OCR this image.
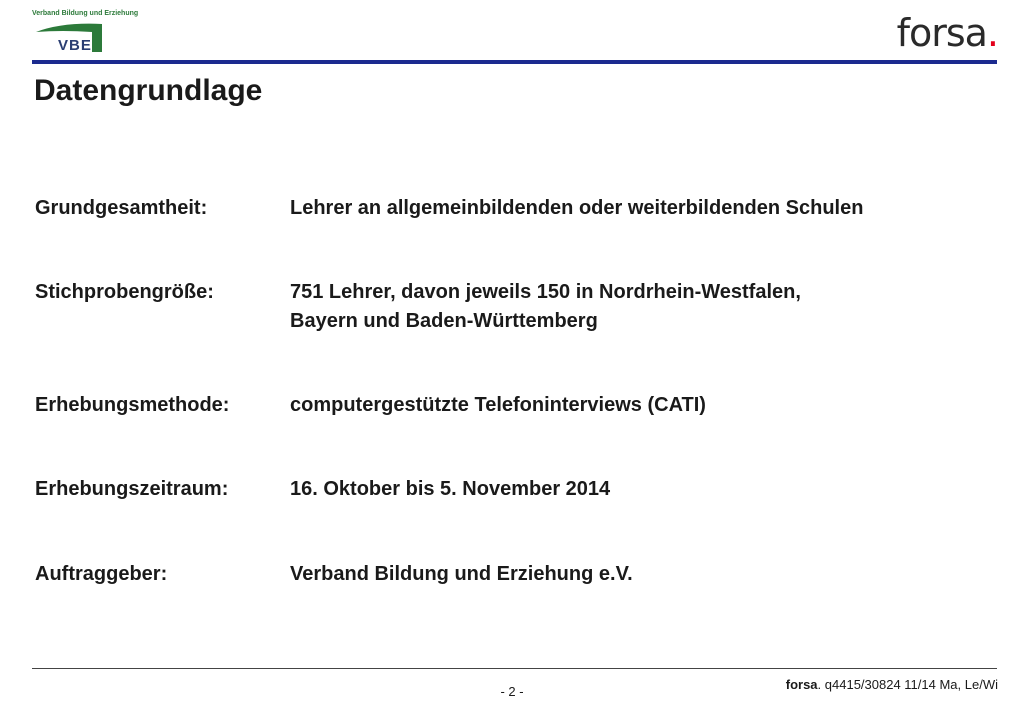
Verband Bildung und Erziehung
VBE	forsa.
Datengrundlage
Grundgesamtheit:	Lehrer an allgemeinbildenden oder weiterbildenden Schulen
Stichprobengröße:	751 Lehrer, davon jeweils 150 in Nordrhein-Westfalen,
Bayern und Baden-Württemberg
Erhebungsmethode:	computergestützte Telefoninterviews (CATI)
Erhebungszeitraum:	16. Oktober bis 5. November 2014
Auftraggeber:	Verband Bildung und Erziehung e.V.
- 2 -	forsa. q4415/30824 11/14 Ma, Le/Wi
